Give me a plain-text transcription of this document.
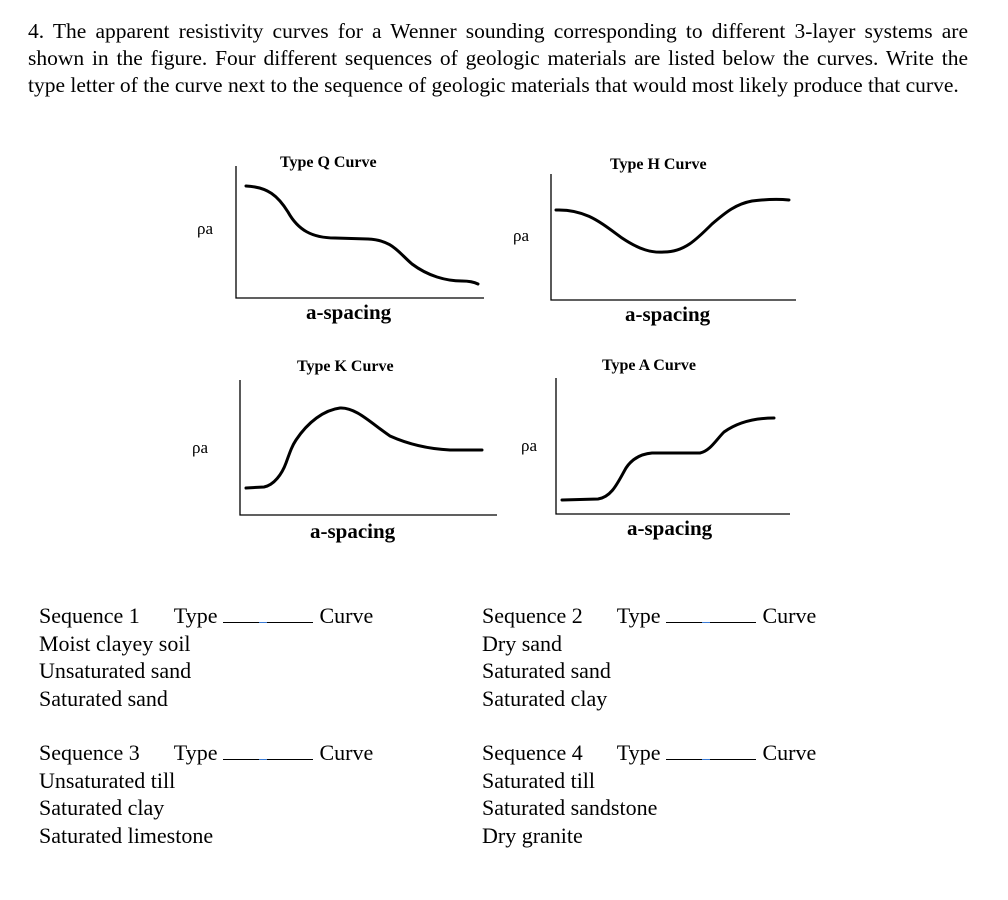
4. The apparent resistivity curves for a Wenner sounding corresponding to different 3-layer systems are shown in the figure. Four different sequences of geologic materials are listed below the curves. Write the type letter of the curve next to the sequence of geologic materials that would most likely produce that curve.

Type Q Curve
ρa
a-spacing
Type H Curve
ρa
a-spacing
Type K Curve
ρa
a-spacing
Type A Curve
ρa
a-spacing
Sequence 1 Type	Curve
Moist clayey soil
Unsaturated sand
Saturated sand
Sequence 2 Type	Curve
Dry sand
Saturated sand
Saturated clay
Sequence 3 Type	Curve
Unsaturated till
Saturated clay
Saturated limestone
Sequence 4 Type	Curve
Saturated till
Saturated sandstone
Dry granite
